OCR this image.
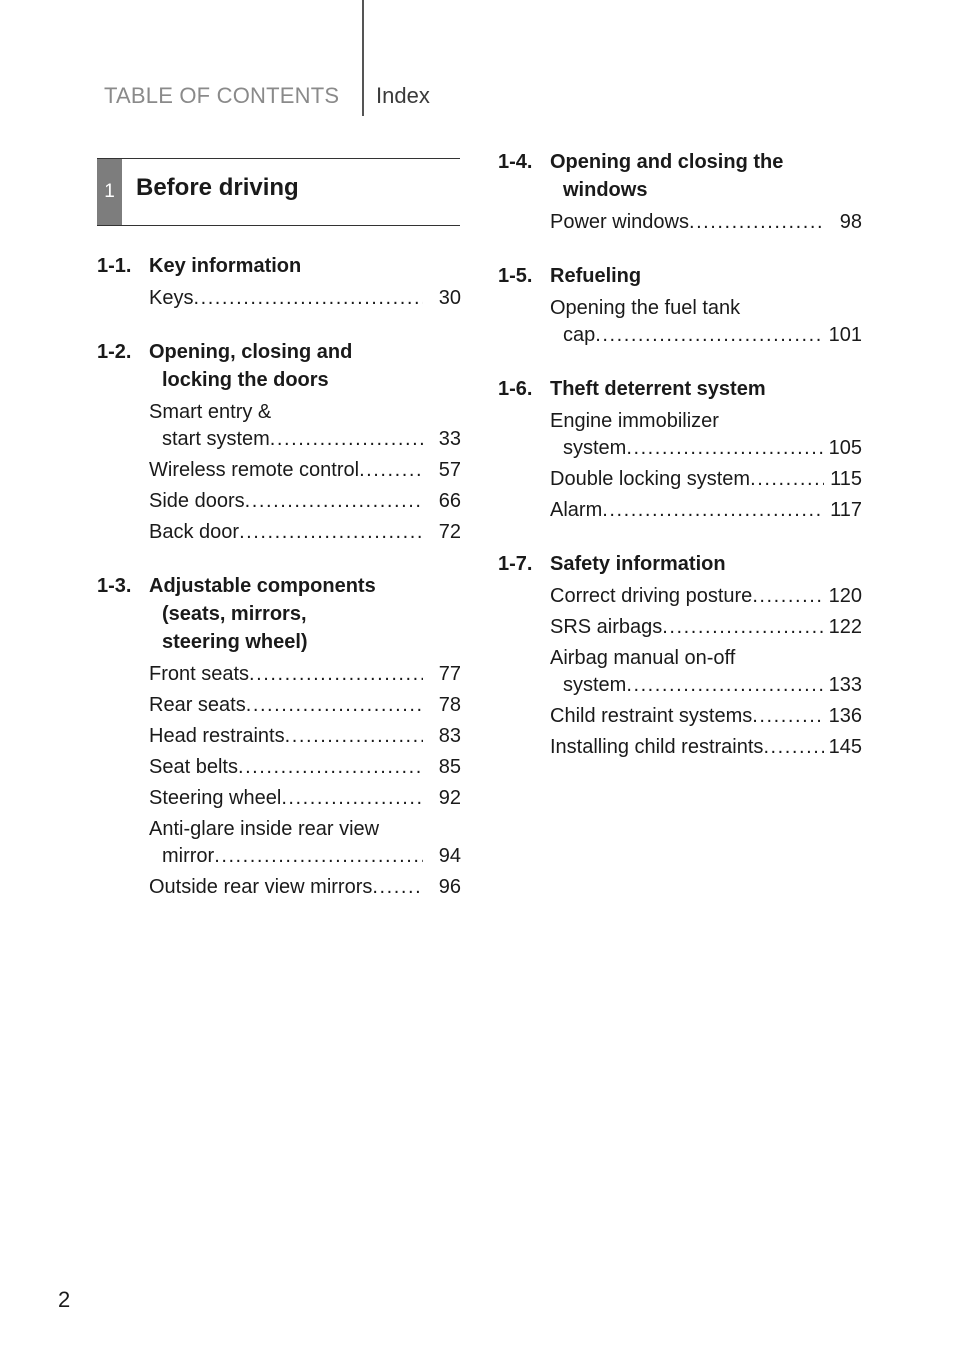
TABLE OF CONTENTS Index
1 Before driving
1-1. Key information
Keys . . .	30
1-2. Opening, closing and
locking the doors
Smart entry &
start system . . .	33
Wireless remote control . . .	57
Side doors . . .	66
Back door . . .	72
1-3. Adjustable components
(seats, mirrors,
steering wheel)
Front seats . . .	77
Rear seats . . .	78
Head restraints . . .	83
Seat belts . . .	85
Steering wheel . . .	92
Anti-glare inside rear view
mirror . . .	94
Outside rear view mirrors . . .	96
1-4. Opening and closing the
windows
Power windows . . .	98
1-5. Refueling
Opening the fuel tank
cap . . .	101
1-6. Theft deterrent system
Engine immobilizer
system . . .	105
Double locking system . . .	115
Alarm . . .	117
1-7. Safety information
Correct driving posture . . .	120
SRS airbags . . .	122
Airbag manual on-off
system . . .	133
Child restraint systems . . .	136
Installing child restraints . . .	145
2
